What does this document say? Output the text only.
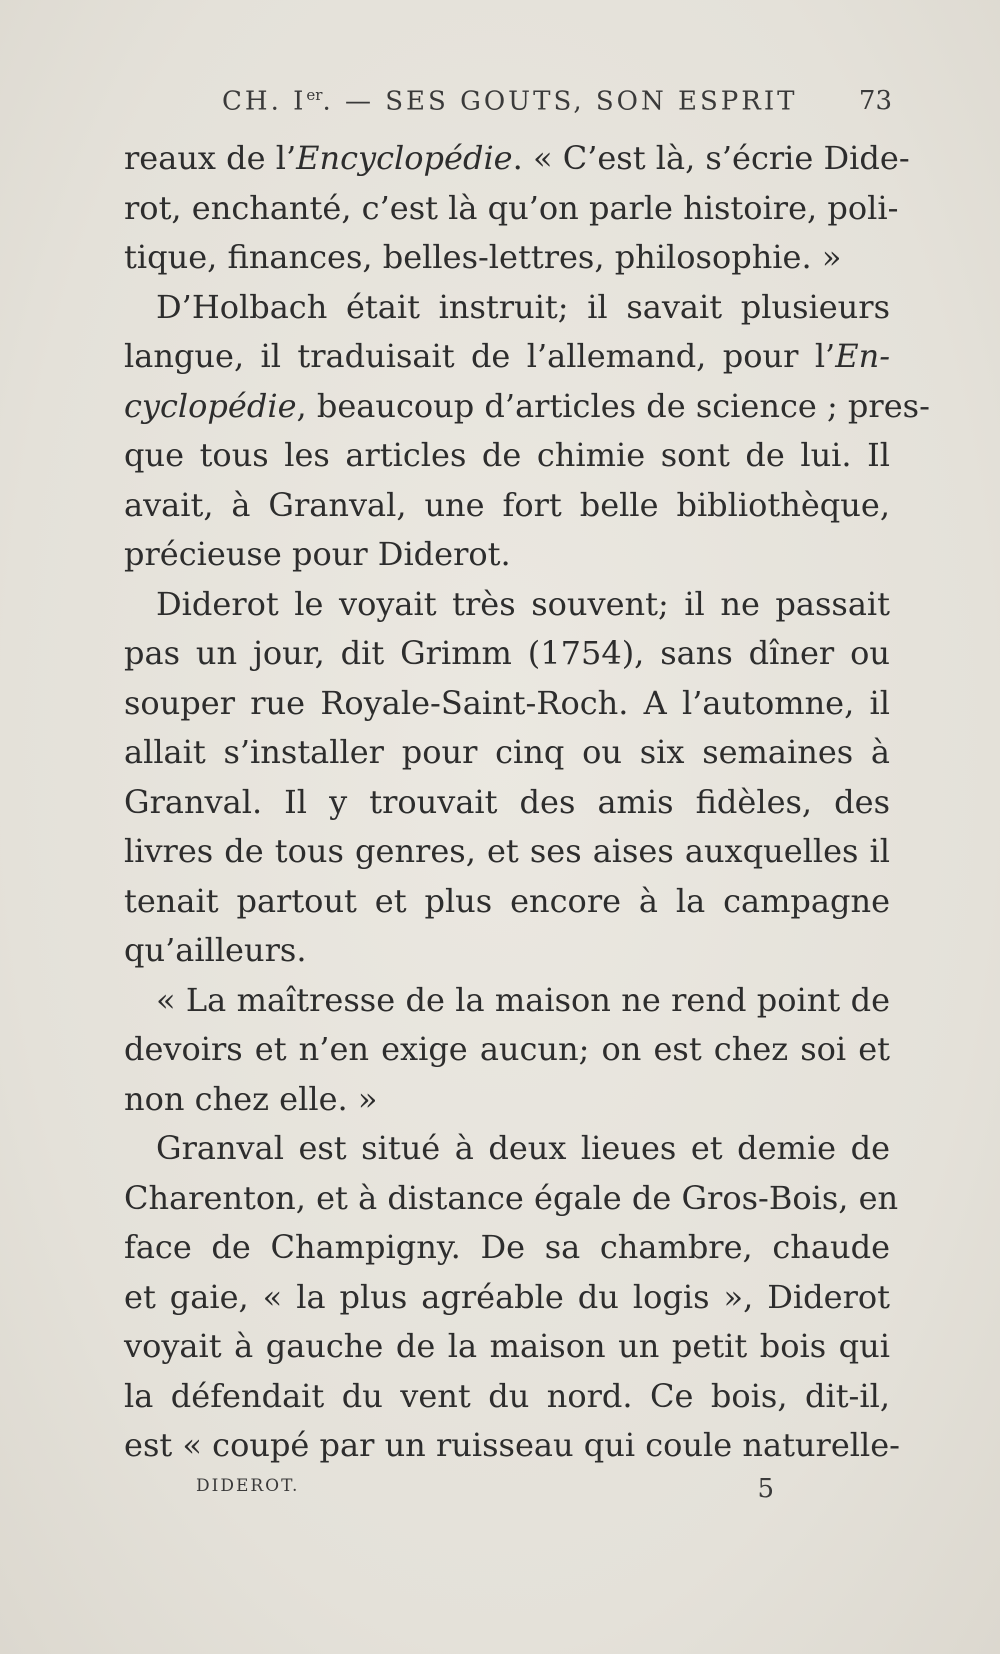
CH. Ier. — SES GOUTS, SON ESPRIT 73
reaux de l’Encyclopédie. « C’est là, s’écrie Dide-
rot, enchanté, c’est là qu’on parle histoire, poli-
tique, finances, belles-lettres, philosophie. »
D’Holbach était instruit; il savait plusieurs
langue, il traduisait de l’allemand, pour l’En-
cyclopédie, beaucoup d’articles de science ; pres-
que tous les articles de chimie sont de lui. Il
avait, à Granval, une fort belle bibliothèque,
précieuse pour Diderot.
Diderot le voyait très souvent; il ne passait
pas un jour, dit Grimm (1754), sans dîner ou
souper rue Royale-Saint-Roch. A l’automne, il
allait s’installer pour cinq ou six semaines à
Granval. Il y trouvait des amis fidèles, des
livres de tous genres, et ses aises auxquelles il
tenait partout et plus encore à la campagne
qu’ailleurs.
« La maîtresse de la maison ne rend point de
devoirs et n’en exige aucun; on est chez soi et
non chez elle. »
Granval est situé à deux lieues et demie de
Charenton, et à distance égale de Gros-Bois, en
face de Champigny. De sa chambre, chaude
et gaie, « la plus agréable du logis », Diderot
voyait à gauche de la maison un petit bois qui
la défendait du vent du nord. Ce bois, dit-il,
est « coupé par un ruisseau qui coule naturelle-
DIDEROT.	5
